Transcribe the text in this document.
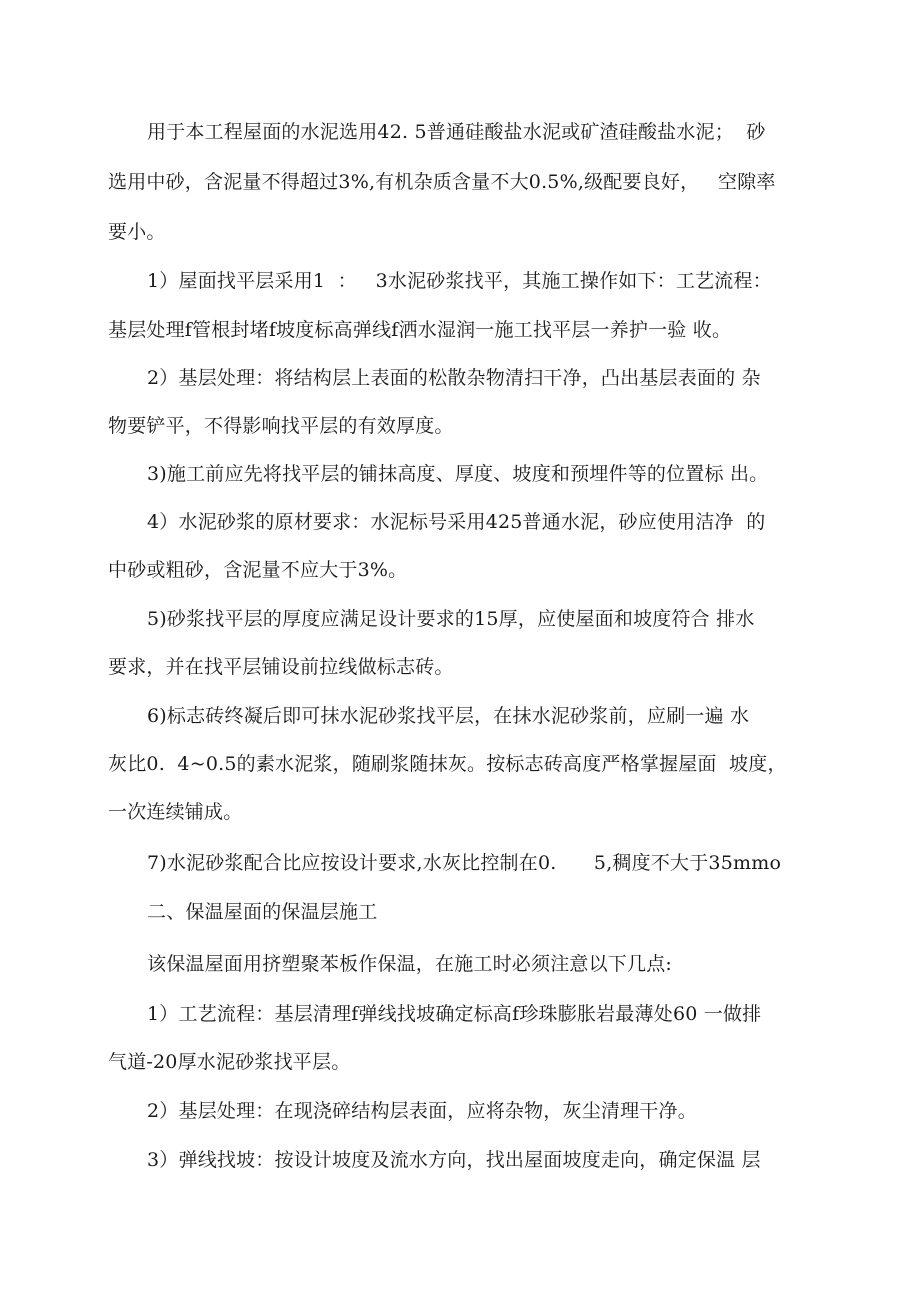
用于本工程屋面的水泥选用42. 5普通硅酸盐水泥或矿渣硅酸盐水泥；  砂
选用中砂，含泥量不得超过3%,有机杂质含量不大0.5%,级配要良好，   空隙率
要小。
1）屋面找平层采用1  ：   3水泥砂浆找平，其施工操作如下：工艺流程：
基层处理f管根封堵f坡度标高弹线f洒水湿润一施工找平层一养护一验 收。
2）基层处理：将结构层上表面的松散杂物清扫干净，凸出基层表面的 杂
物要铲平，不得影响找平层的有效厚度。
3)施工前应先将找平层的铺抹高度、厚度、坡度和预埋件等的位置标 出。
4）水泥砂浆的原材要求：水泥标号采用425普通水泥，砂应使用洁净  的
中砂或粗砂，含泥量不应大于3%。
5)砂浆找平层的厚度应满足设计要求的15厚，应使屋面和坡度符合 排水
要求，并在找平层铺设前拉线做标志砖。
6)标志砖终凝后即可抹水泥砂浆找平层，在抹水泥砂浆前，应刷一遍 水
灰比0.  4~0.5的素水泥浆，随刷浆随抹灰。按标志砖高度严格掌握屋面  坡度，
一次连续铺成。
7)水泥砂浆配合比应按设计要求,水灰比控制在0.      5,稠度不大于35mmo
二、保温屋面的保温层施工
该保温屋面用挤塑聚苯板作保温，在施工时必须注意以下几点:
1）工艺流程：基层清理f弹线找坡确定标高f珍珠膨胀岩最薄处60 一做排
气道-20厚水泥砂浆找平层。
2）基层处理：在现浇碎结构层表面，应将杂物，灰尘清理干净。
3）弹线找坡：按设计坡度及流水方向，找出屋面坡度走向，确定保温 层
